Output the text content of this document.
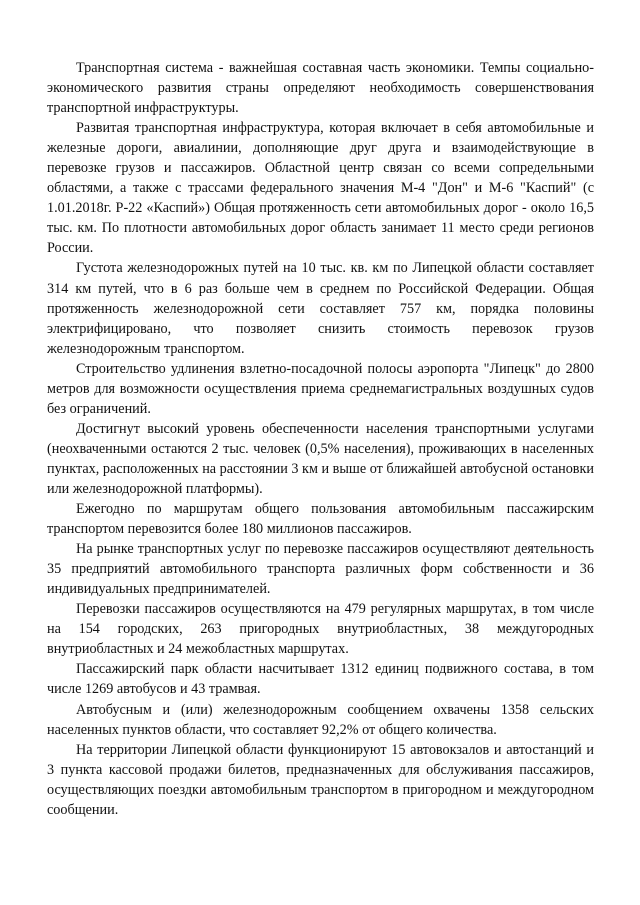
Транспортная система - важнейшая составная часть экономики. Темпы социально-экономического развития страны определяют необходимость совершенствования транспортной инфраструктуры.

Развитая транспортная инфраструктура, которая включает в себя автомобильные и железные дороги, авиалинии, дополняющие друг друга и взаимодействующие в перевозке грузов и пассажиров. Областной центр связан со всеми сопредельными областями, а также с трассами федерального значения М-4 "Дон" и М-6 "Каспий" (с 1.01.2018г. Р-22 «Каспий») Общая протяженность сети автомобильных дорог - около 16,5 тыс. км. По плотности автомобильных дорог область занимает 11 место среди регионов России.

Густота железнодорожных путей на 10 тыс. кв. км по Липецкой области составляет 314 км путей, что в 6 раз больше чем в среднем по Российской Федерации. Общая протяженность железнодорожной сети составляет 757 км, порядка половины электрифицировано, что позволяет снизить стоимость перевозок грузов железнодорожным транспортом.

Строительство удлинения взлетно-посадочной полосы аэропорта "Липецк" до 2800 метров для возможности осуществления приема среднемагистральных воздушных судов без ограничений.

Достигнут высокий уровень обеспеченности населения транспортными услугами (неохваченными остаются 2 тыс. человек (0,5% населения), проживающих в населенных пунктах, расположенных на расстоянии 3 км и выше от ближайшей автобусной остановки или железнодорожной платформы).

Ежегодно по маршрутам общего пользования автомобильным пассажирским транспортом перевозится более 180 миллионов пассажиров.

На рынке транспортных услуг по перевозке пассажиров осуществляют деятельность 35 предприятий автомобильного транспорта различных форм собственности и 36 индивидуальных предпринимателей.

Перевозки пассажиров осуществляются на 479 регулярных маршрутах, в том числе на 154 городских, 263 пригородных внутриобластных, 38 междугородных внутриобластных и 24 межобластных маршрутах.

Пассажирский парк области насчитывает 1312 единиц подвижного состава, в том числе 1269 автобусов и 43 трамвая.

Автобусным и (или) железнодорожным сообщением охвачены 1358 сельских населенных пунктов области, что составляет 92,2% от общего количества.

На территории Липецкой области функционируют 15 автовокзалов и автостанций и 3 пункта кассовой продажи билетов, предназначенных для обслуживания пассажиров, осуществляющих поездки автомобильным транспортом в пригородном и междугородном сообщении.
